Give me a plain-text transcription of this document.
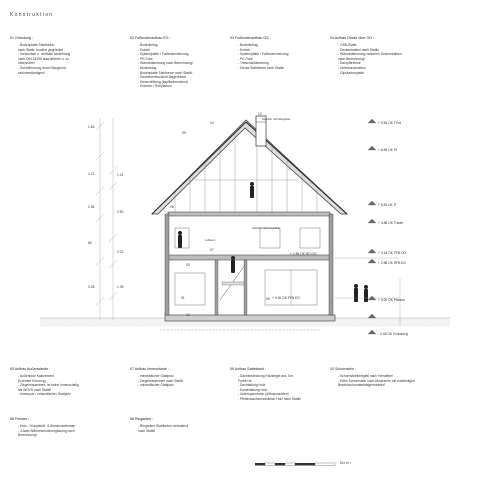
Konstruktion
01 Gründung :
- Bodenplatte Stahlbeton
nach Statik, frostfrei gegründet
- horizontale u. vertikale Abdichtung
nach DIN 18195 auszuführen u. zu
überprüfen!
- Sohldämmung durch Baugrund-
sachverständigen!
02 Fußbodenaufbau EG :
- Bodenbelag
- Estrich
- Systemplatte / Fußbodenheizung
- PE-Folie
- Wärmedämmung nach Berechnung!
- Abdichtung
- Bodenplatte Stahlbeton nach Statik!
- Sauberkeitsschicht Magerbeton
- Kiesschüttung (kapillarbrechend)
- Erdreich / Rohplanum
03 Fußbodenaufbau OG :
- Bodenbelag
- Estrich
- Systemplatte / Fußbodenheizung
- PE-Folie
- Trittschalldämmung
- Decke Stahlbeton nach Statik!
04 Aufbau Decke über OG :
- OSB-Platte
- Deckenbalken nach Statik!
- Wärmedämmung zwischen Deckenbalken
nach Berechnung!
- Dampfbremse
- Unterkonstruktion
- Gipskartonplatte
01
02
03
04
06
07
08
09
10
+ 9.55 OK Fi ist
+ 8.65 OK Pf
+ 5.53 UK Tr
+ 4.88 OK Traufe
+ 3.18 OK FFB OG
+ 2.88 OK RD OG
+ 2.88 OK RFB EG
+ 0.00 OK FFB EG	+ 0.00 OK Planum
- 0.48 OK Gründung
1.63
1.21
2.56
80
3.28
1.21
2.50
2.22
1.39
Speicher nicht Begehbar
Speicher nicht begehbar
Luftraum
Meter
05 Aufbau Außenwände :
- Außenputz Kalkzement
(k.leinste Körnung)
- Ziegelmauerwerk, ist keine Innenschalig
als WDVS nach Statik!
- Innenputz / mineralischer Glattputz
06 Fenster :
- Holz- / Kunststoff- & Aluminiumfenster
- 3-fach-Wärmeschutzverglasung nach
Berechnung!
07 Aufbau Innenwände :
- mineralischer Glattputz
- Ziegelmauerwerk nach Statik!
- mineralischer Glattputz
08 Ringanker :
- Ringanker Stahlbeton umlaufend
nach Statik!
09 Aufbau Satteldach :
- Dacheindeckung Falzziegel aus Ton,
Farbe rot
- Dachlattung Holz
- Konterlattung Holz
- Unterspannbahn (diffusionsoffen)
- Pfettendachkonstruktion Holz nach Statik!
10 Schornstein :
- Schornsteinfertigteil nach Hersteller!
- Höhe Schornstein nach Absprache mit zuständigen
Bezirksschornsteinfegermeister!
